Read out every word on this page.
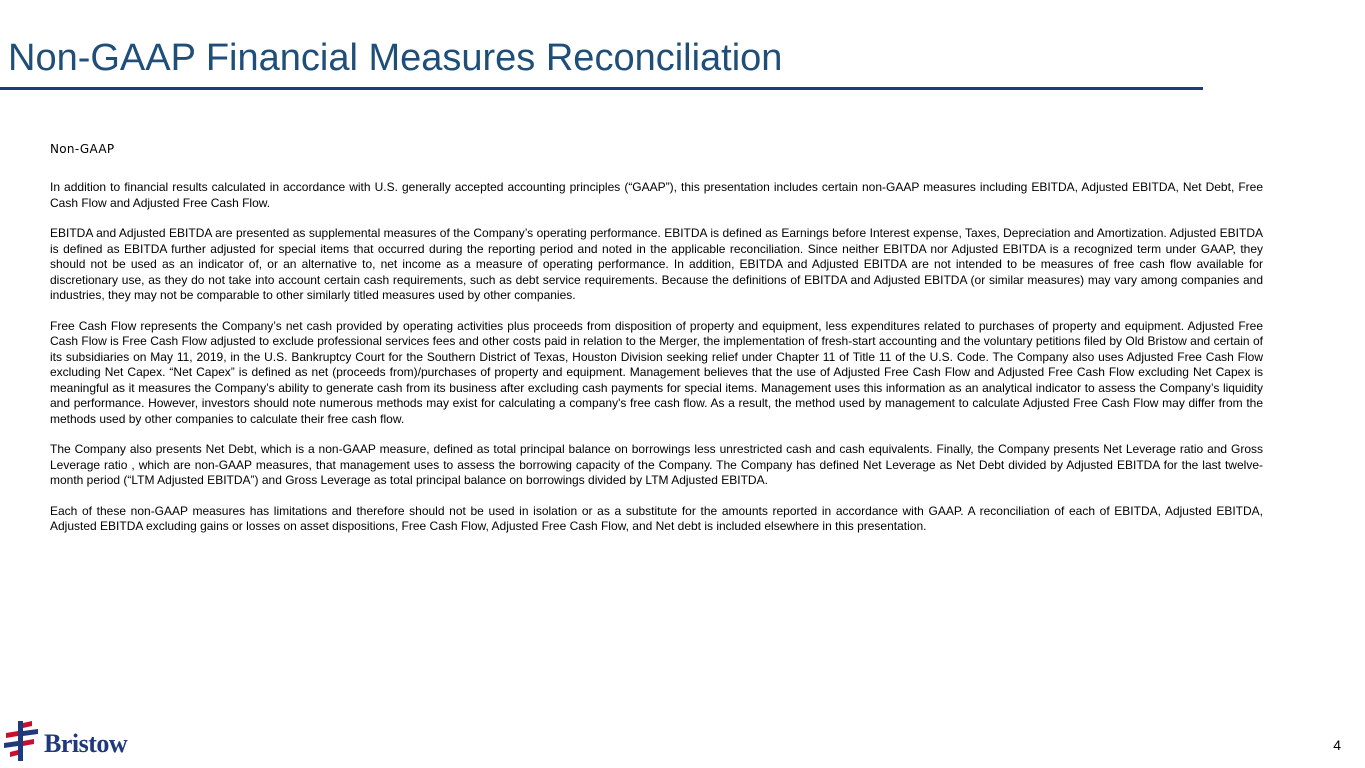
Non-GAAP Financial Measures Reconciliation

Non-GAAP

In addition to financial results calculated in accordance with U.S. generally accepted accounting principles (“GAAP”), this presentation includes certain non-GAAP measures including EBITDA, Adjusted EBITDA, Net Debt, Free Cash Flow and Adjusted Free Cash Flow.

EBITDA and Adjusted EBITDA are presented as supplemental measures of the Company’s operating performance. EBITDA is defined as Earnings before Interest expense, Taxes, Depreciation and Amortization. Adjusted EBITDA is defined as EBITDA further adjusted for special items that occurred during the reporting period and noted in the applicable reconciliation. Since neither EBITDA nor Adjusted EBITDA is a recognized term under GAAP, they should not be used as an indicator of, or an alternative to, net income as a measure of operating performance. In addition, EBITDA and Adjusted EBITDA are not intended to be measures of free cash flow available for discretionary use, as they do not take into account certain cash requirements, such as debt service requirements. Because the definitions of EBITDA and Adjusted EBITDA (or similar measures) may vary among companies and industries, they may not be comparable to other similarly titled measures used by other companies.

Free Cash Flow represents the Company’s net cash provided by operating activities plus proceeds from disposition of property and equipment, less expenditures related to purchases of property and equipment. Adjusted Free Cash Flow is Free Cash Flow adjusted to exclude professional services fees and other costs paid in relation to the Merger, the implementation of fresh-start accounting and the voluntary petitions filed by Old Bristow and certain of its subsidiaries on May 11, 2019, in the U.S. Bankruptcy Court for the Southern District of Texas, Houston Division seeking relief under Chapter 11 of Title 11 of the U.S. Code. The Company also uses Adjusted Free Cash Flow excluding Net Capex. “Net Capex” is defined as net (proceeds from)/purchases of property and equipment. Management believes that the use of Adjusted Free Cash Flow and Adjusted Free Cash Flow excluding Net Capex is meaningful as it measures the Company’s ability to generate cash from its business after excluding cash payments for special items. Management uses this information as an analytical indicator to assess the Company’s liquidity and performance. However, investors should note numerous methods may exist for calculating a company's free cash flow. As a result, the method used by management to calculate Adjusted Free Cash Flow may differ from the methods used by other companies to calculate their free cash flow.

The Company also presents Net Debt, which is a non-GAAP measure, defined as total principal balance on borrowings less unrestricted cash and cash equivalents. Finally, the Company presents Net Leverage ratio and Gross Leverage ratio , which are non-GAAP measures, that management uses to assess the borrowing capacity of the Company. The Company has defined Net Leverage as Net Debt divided by Adjusted EBITDA for the last twelve-month period (“LTM Adjusted EBITDA”) and Gross Leverage as total principal balance on borrowings divided by LTM Adjusted EBITDA.

Each of these non-GAAP measures has limitations and therefore should not be used in isolation or as a substitute for the amounts reported in accordance with GAAP. A reconciliation of each of EBITDA, Adjusted EBITDA, Adjusted EBITDA excluding gains or losses on asset dispositions, Free Cash Flow, Adjusted Free Cash Flow, and Net debt is included elsewhere in this presentation.

Bristow	4
